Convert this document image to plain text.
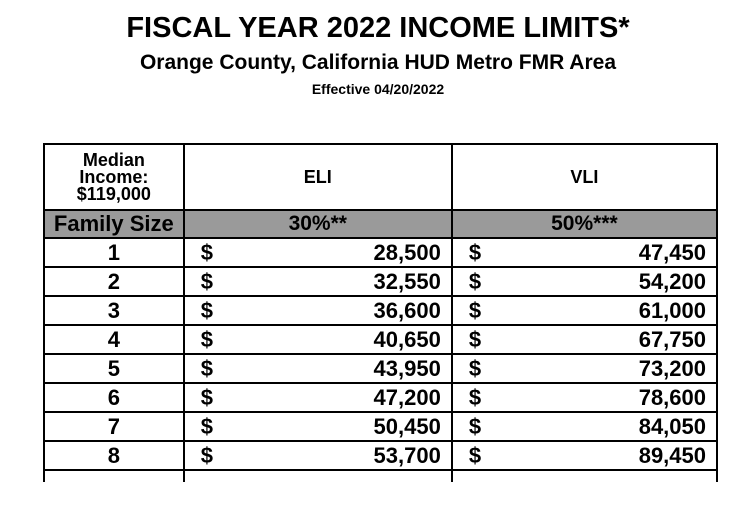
FISCAL YEAR 2022 INCOME LIMITS*
Orange County, California HUD Metro FMR Area
Effective 04/20/2022
Median
Income:
$119,000	ELI	VLI
Family Size	30%**	50%***
1	$ 28,500	$ 47,450

2	$ 32,550	$ 54,200

3	$ 36,600	$ 61,000

4	$ 40,650	$ 67,750

5	$ 43,950	$ 73,200

6	$ 47,200	$ 78,600

7	$ 50,450	$ 84,050

8	$ 53,700	$ 89,450
